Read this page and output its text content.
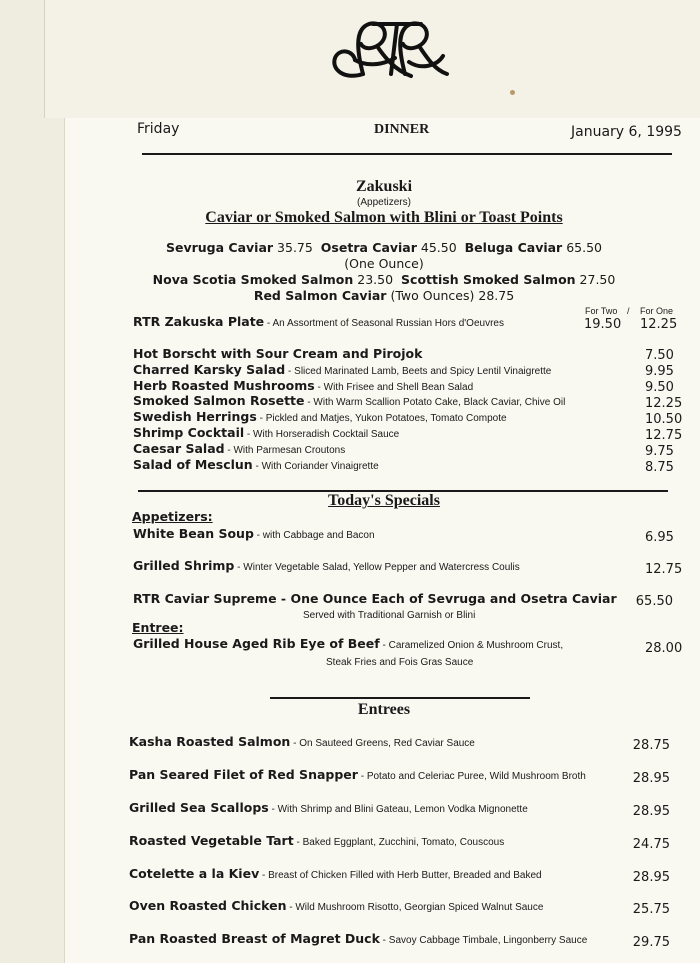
RTR
Friday	DINNER	January 6, 1995
Zakuski
(Appetizers)
Caviar or Smoked Salmon with Blini or Toast Points
Sevruga Caviar 35.75 Osetra Caviar 45.50 Beluga Caviar 65.50
(One Ounce)
Nova Scotia Smoked Salmon 23.50 Scottish Smoked Salmon 27.50
Red Salmon Caviar (Two Ounces) 28.75
For Two / For One
RTR Zakuska Plate - An Assortment of Seasonal Russian Hors d'Oeuvres	19.50 12.25
Hot Borscht with Sour Cream and Pirojok	7.50
Charred Karsky Salad - Sliced Marinated Lamb, Beets and Spicy Lentil Vinaigrette	9.95
Herb Roasted Mushrooms - With Frisee and Shell Bean Salad	9.50
Smoked Salmon Rosette - With Warm Scallion Potato Cake, Black Caviar, Chive Oil	12.25
Swedish Herrings - Pickled and Matjes, Yukon Potatoes, Tomato Compote	10.50
Shrimp Cocktail - With Horseradish Cocktail Sauce	12.75
Caesar Salad - With Parmesan Croutons	9.75
Salad of Mesclun - With Coriander Vinaigrette	8.75
Today's Specials
Appetizers:
White Bean Soup - with Cabbage and Bacon	6.95
Grilled Shrimp - Winter Vegetable Salad, Yellow Pepper and Watercress Coulis	12.75
RTR Caviar Supreme - One Ounce Each of Sevruga and Osetra Caviar	65.50
Served with Traditional Garnish or Blini
Entree:
Grilled House Aged Rib Eye of Beef - Caramelized Onion & Mushroom Crust,	28.00
Steak Fries and Fois Gras Sauce
Entrees
Kasha Roasted Salmon - On Sauteed Greens, Red Caviar Sauce	28.75
Pan Seared Filet of Red Snapper - Potato and Celeriac Puree, Wild Mushroom Broth	28.95
Grilled Sea Scallops - With Shrimp and Blini Gateau, Lemon Vodka Mignonette	28.95
Roasted Vegetable Tart - Baked Eggplant, Zucchini, Tomato, Couscous	24.75
Cotelette a la Kiev - Breast of Chicken Filled with Herb Butter, Breaded and Baked	28.95
Oven Roasted Chicken - Wild Mushroom Risotto, Georgian Spiced Walnut Sauce	25.75
Pan Roasted Breast of Magret Duck - Savoy Cabbage Timbale, Lingonberry Sauce	29.75
